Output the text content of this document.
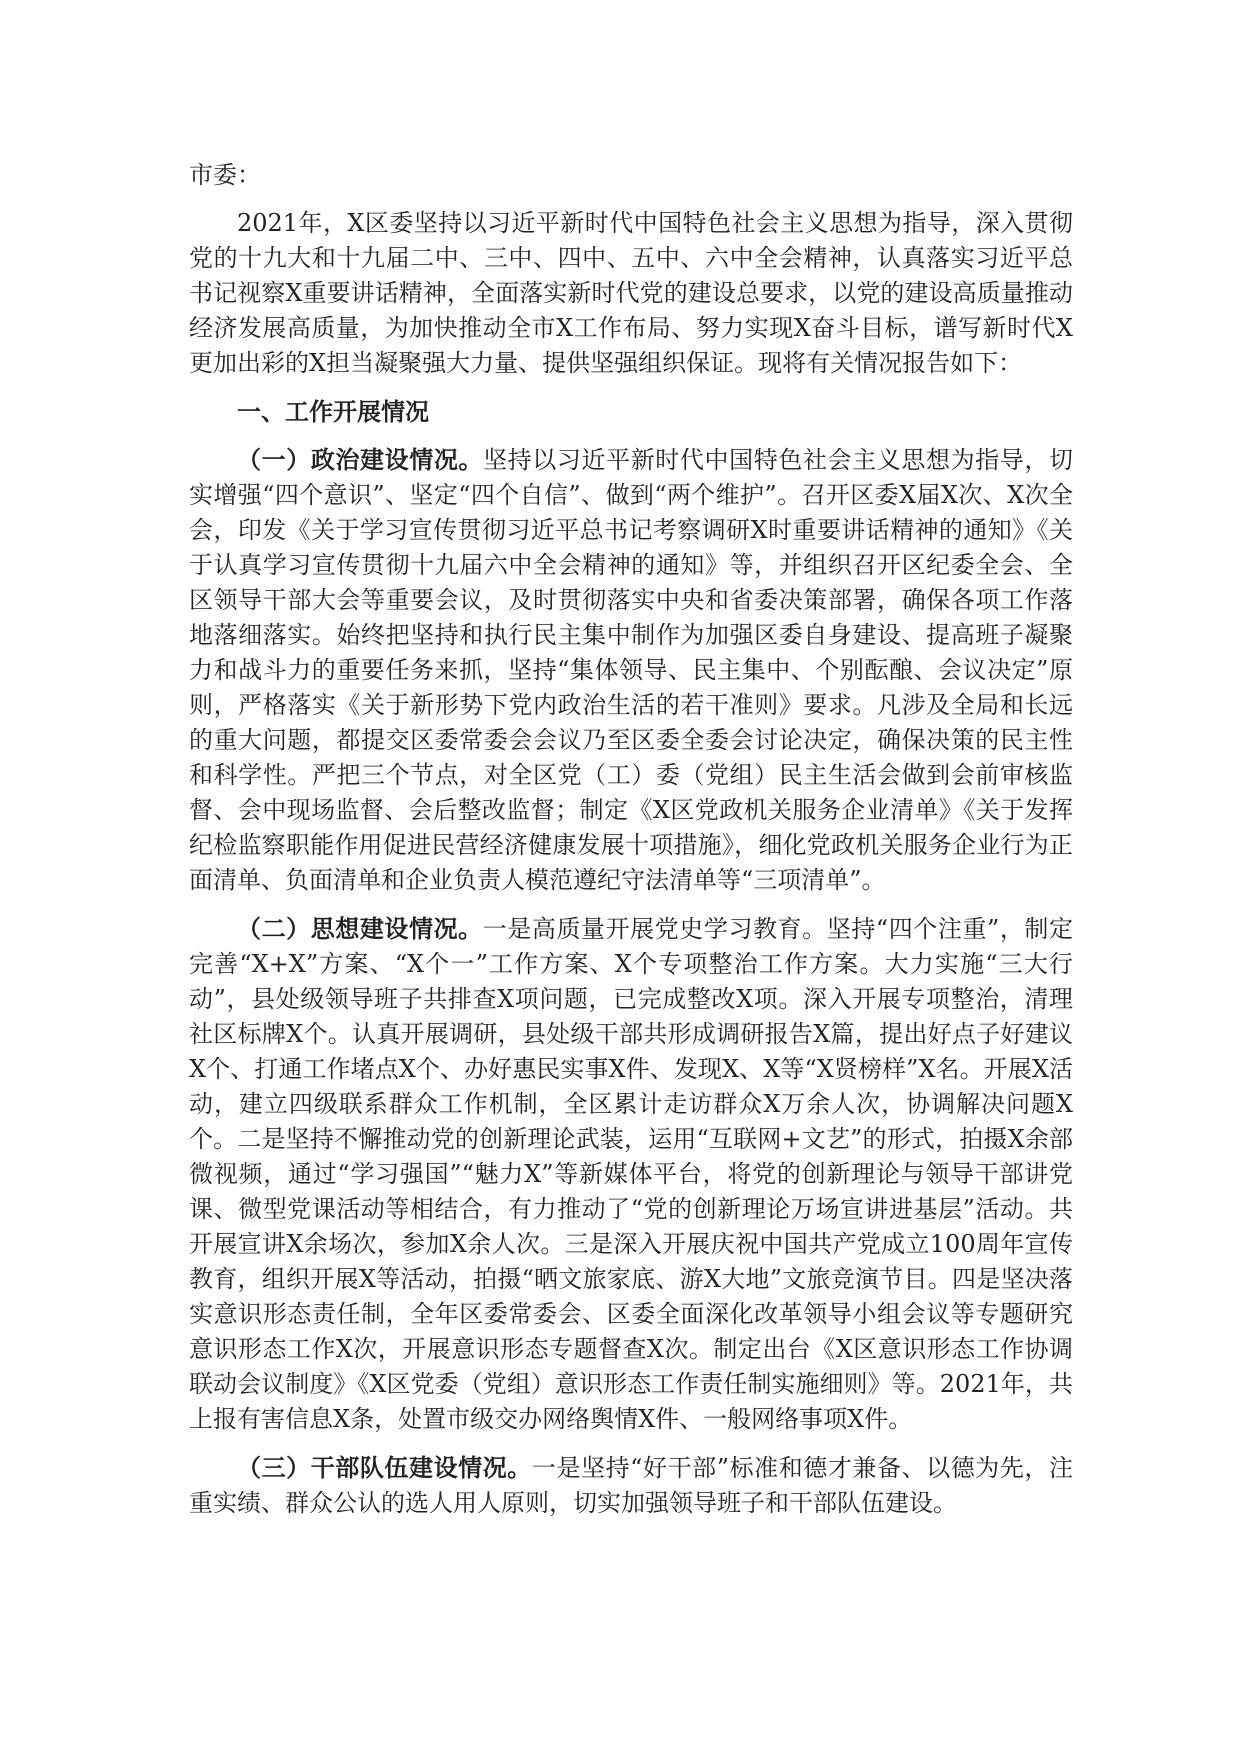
市委：

2021年，X区委坚持以习近平新时代中国特色社会主义思想为指导，深入贯彻党的十九大和十九届二中、三中、四中、五中、六中全会精神，认真落实习近平总书记视察X重要讲话精神，全面落实新时代党的建设总要求，以党的建设高质量推动经济发展高质量，为加快推动全市X工作布局、努力实现X奋斗目标，谱写新时代X更加出彩的X担当凝聚强大力量、提供坚强组织保证。现将有关情况报告如下：

一、工作开展情况

（一）政治建设情况。坚持以习近平新时代中国特色社会主义思想为指导，切实增强“四个意识”、坚定“四个自信”、做到“两个维护”。召开区委X届X次、X次全会，印发《关于学习宣传贯彻习近平总书记考察调研X时重要讲话精神的通知》《关于认真学习宣传贯彻十九届六中全会精神的通知》等，并组织召开区纪委全会、全区领导干部大会等重要会议，及时贯彻落实中央和省委决策部署，确保各项工作落地落细落实。始终把坚持和执行民主集中制作为加强区委自身建设、提高班子凝聚力和战斗力的重要任务来抓，坚持“集体领导、民主集中、个别酝酿、会议决定”原则，严格落实《关于新形势下党内政治生活的若干准则》要求。凡涉及全局和长远的重大问题，都提交区委常委会会议乃至区委全委会讨论决定，确保决策的民主性和科学性。严把三个节点，对全区党（工）委（党组）民主生活会做到会前审核监督、会中现场监督、会后整改监督；制定《X区党政机关服务企业清单》《关于发挥纪检监察职能作用促进民营经济健康发展十项措施》，细化党政机关服务企业行为正面清单、负面清单和企业负责人模范遵纪守法清单等“三项清单”。

（二）思想建设情况。一是高质量开展党史学习教育。坚持“四个注重”，制定完善“X+X”方案、“X个一”工作方案、X个专项整治工作方案。大力实施“三大行动”，县处级领导班子共排查X项问题，已完成整改X项。深入开展专项整治，清理社区标牌X个。认真开展调研，县处级干部共形成调研报告X篇，提出好点子好建议X个、打通工作堵点X个、办好惠民实事X件、发现X、X等“X贤榜样”X名。开展X活动，建立四级联系群众工作机制，全区累计走访群众X万余人次，协调解决问题X个。二是坚持不懈推动党的创新理论武装，运用“互联网+文艺”的形式，拍摄X余部微视频，通过“学习强国”“魅力X”等新媒体平台，将党的创新理论与领导干部讲党课、微型党课活动等相结合，有力推动了“党的创新理论万场宣讲进基层”活动。共开展宣讲X余场次，参加X余人次。三是深入开展庆祝中国共产党成立100周年宣传教育，组织开展X等活动，拍摄“晒文旅家底、游X大地”文旅竞演节目。四是坚决落实意识形态责任制，全年区委常委会、区委全面深化改革领导小组会议等专题研究意识形态工作X次，开展意识形态专题督查X次。制定出台《X区意识形态工作协调联动会议制度》《X区党委（党组）意识形态工作责任制实施细则》等。2021年，共上报有害信息X条，处置市级交办网络舆情X件、一般网络事项X件。

（三）干部队伍建设情况。一是坚持“好干部”标准和德才兼备、以德为先，注重实绩、群众公认的选人用人原则，切实加强领导班子和干部队伍建设。
